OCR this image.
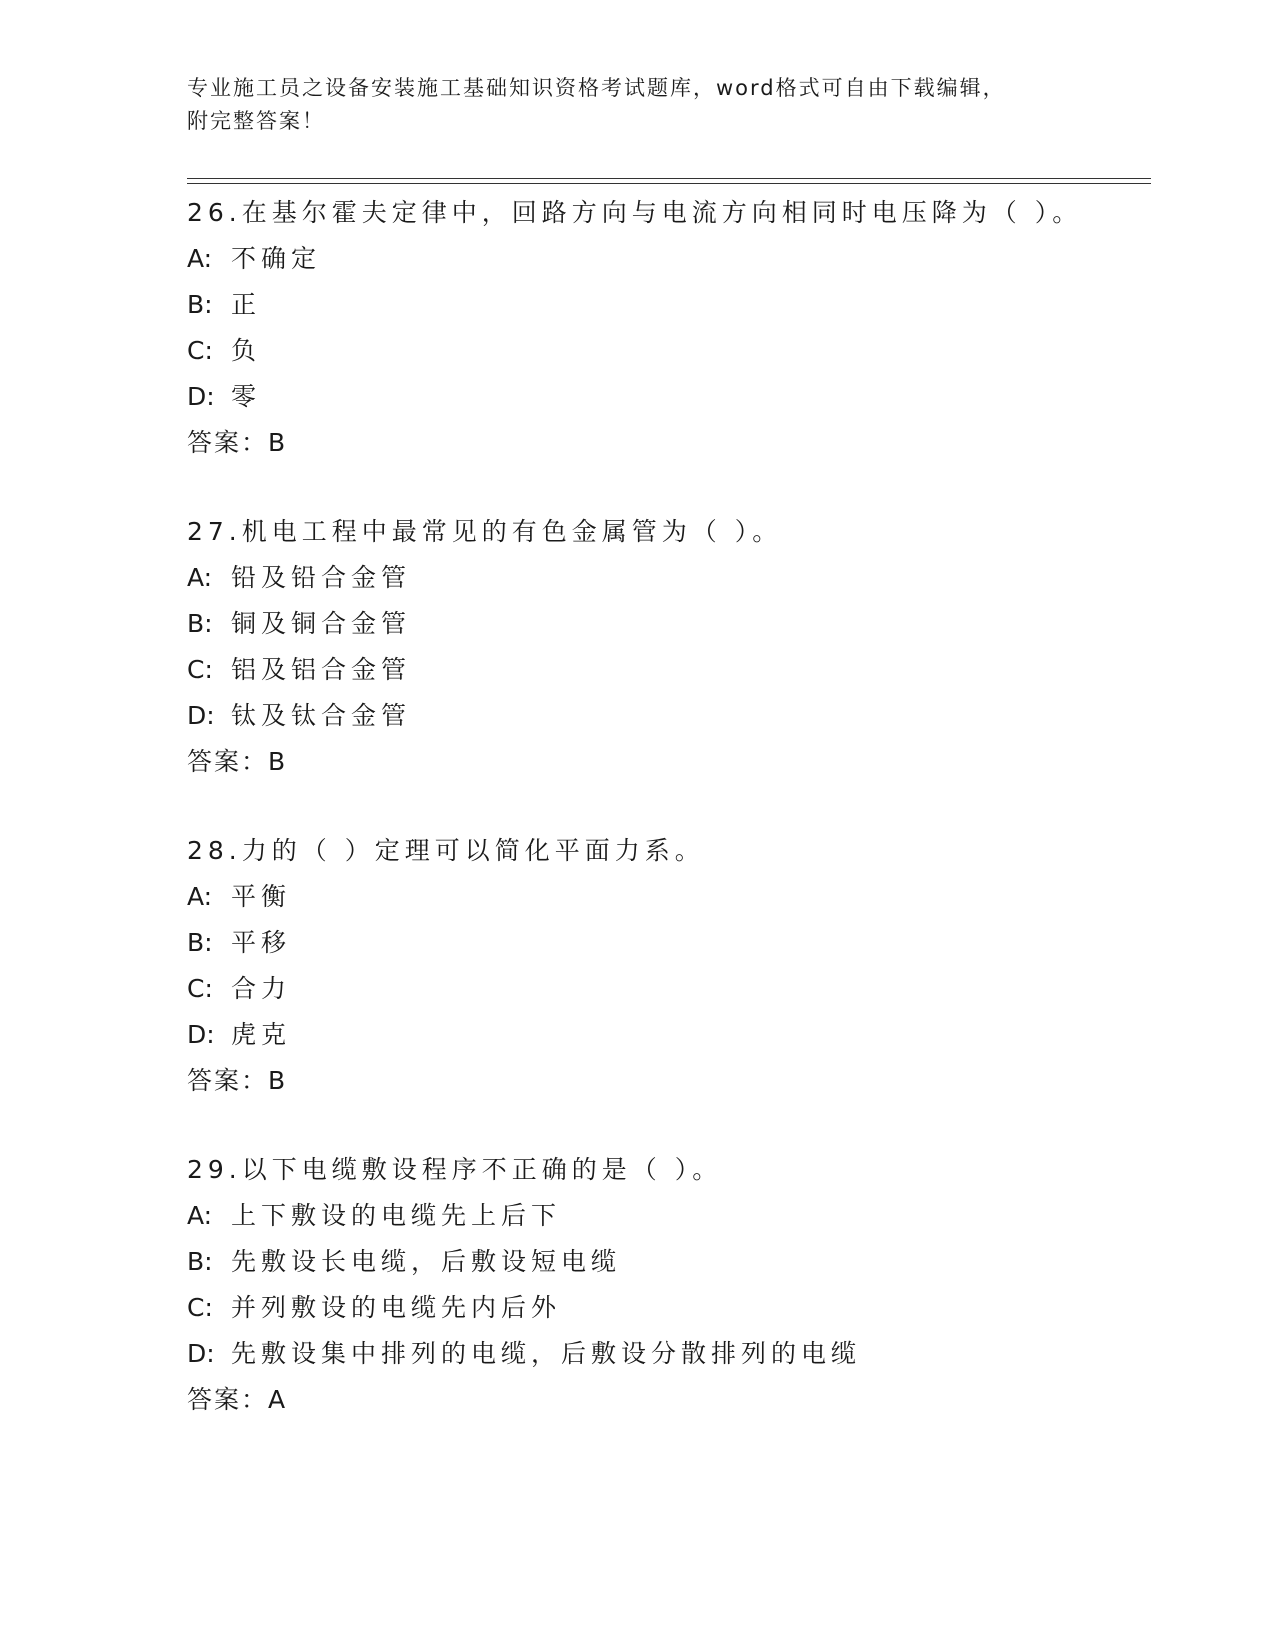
专业施工员之设备安装施工基础知识资格考试题库，word格式可自由下载编辑，
附完整答案！
26.在基尔霍夫定律中，回路方向与电流方向相同时电压降为（ ）。
A: 不确定
B: 正
C: 负
D: 零
答案：B
27.机电工程中最常见的有色金属管为（ ）。
A: 铅及铅合金管
B: 铜及铜合金管
C: 铝及铝合金管
D: 钛及钛合金管
答案：B
28.力的（ ）定理可以简化平面力系。
A: 平衡
B: 平移
C: 合力
D: 虎克
答案：B
29.以下电缆敷设程序不正确的是（ ）。
A: 上下敷设的电缆先上后下
B: 先敷设长电缆，后敷设短电缆
C: 并列敷设的电缆先内后外
D: 先敷设集中排列的电缆，后敷设分散排列的电缆
答案：A
